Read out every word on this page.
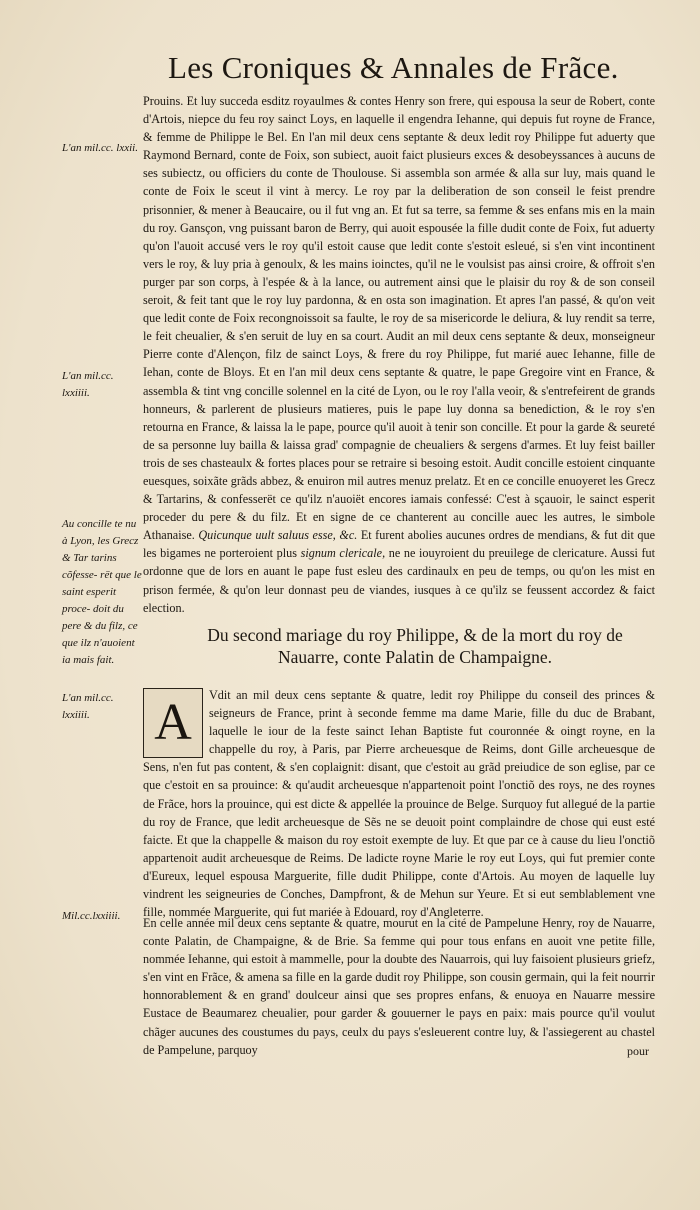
Les Croniques & Annales de Frãce.
L'an mil.cc. lxxii.
L'an mil.cc. lxxiiii.
Au concille te nu à Lyon, les Grecz & Tar tarins cõfesse- rët que le saint esperit proce- doit du pere & du filz, ce que ilz n'auoient ia mais fait.
L'an mil.cc. lxxiiii.
Mil.cc.lxxiiii.

Prouins. Et luy succeda esditz royaulmes & contes Henry son frere, qui espousa la seur de Robert, conte d'Artois, niepce du feu roy sainct Loys, en laquelle il engendra Iehanne, qui depuis fut royne de France, & femme de Philippe le Bel. En l'an mil deux cens septante & deux ledit roy Philippe fut aduerty que Raymond Bernard, conte de Foix, son subiect, auoit faict plusieurs exces & desobeyssances à aucuns de ses subiectz, ou officiers du conte de Thoulouse. Si assembla son armée & alla sur luy, mais quand le conte de Foix le sceut il vint à mercy. Le roy par la deliberation de son conseil le feist prendre prisonnier, & mener à Beaucaire, ou il fut vng an. Et fut sa terre, sa femme & ses enfans mis en la main du roy. Gansçon, vng puissant baron de Berry, qui auoit espousée la fille dudit conte de Foix, fut aduerty qu'on l'auoit accusé vers le roy qu'il estoit cause que ledit conte s'estoit esleué, si s'en vint incontinent vers le roy, & luy pria à genoulx, & les mains ioinctes, qu'il ne le voulsist pas ainsi croire, & offroit s'en purger par son corps, à l'espée & à la lance, ou autrement ainsi que le plaisir du roy & de son conseil seroit, & feit tant que le roy luy pardonna, & en osta son imagination. Et apres l'an passé, & qu'on veit que ledit conte de Foix recongnoissoit sa faulte, le roy de sa misericorde le deliura, & luy rendit sa terre, le feit cheualier, & s'en seruit de luy en sa court. Audit an mil deux cens septante & deux, monseigneur Pierre conte d'Alençon, filz de sainct Loys, & frere du roy Philippe, fut marié auec Iehanne, fille de Iehan, conte de Bloys. Et en l'an mil deux cens septante & quatre, le pape Gregoire vint en France, & assembla & tint vng concille solennel en la cité de Lyon, ou le roy l'alla veoir, & s'entrefeirent de grands honneurs, & parlerent de plusieurs matieres, puis le pape luy donna sa benediction, & le roy s'en retourna en France, & laissa la le pape, pource qu'il auoit à tenir son concille. Et pour la garde & seureté de sa personne luy bailla & laissa grad' compagnie de cheualiers & sergens d'armes. Et luy feist bailler trois de ses chasteaulx & fortes places pour se retraire si besoing estoit. Audit concille estoient cinquante euesques, soixãte grãds abbez, & enuiron mil autres menuz prelatz. Et en ce concille enuoyeret les Grecz & Tartarins, & confesserët ce qu'ilz n'auoiët encores iamais confessé: C'est à sçauoir, le sainct esperit proceder du pere & du filz. Et en signe de ce chanterent au concille auec les autres, le simbole Athanaise. Quicunque uult saluus esse, &c. Et furent abolies aucunes ordres de mendians, & fut dit que les bigames ne porteroient plus signum clericale, ne ne iouyroient du preuilege de clericature. Aussi fut ordonne que de lors en auant le pape fust esleu des cardinaulx en peu de temps, ou qu'on les mist en prison fermée, & qu'on leur donnast peu de viandes, iusques à ce qu'ilz se feussent accordez & faict election.

Du second mariage du roy Philippe, & de la mort du roy de Nauarre, conte Palatin de Champaigne.
A	Vdit an mil deux cens septante & quatre, ledit roy Philippe du conseil des princes & seigneurs de France, print à seconde femme ma dame Marie, fille du duc de Brabant, laquelle le iour de la feste sainct Iehan Baptiste fut couronnée & oingt royne, en la chappelle du roy, à Paris, par Pierre archeuesque de Reims, dont Gille archeuesque de Sens, n'en fut pas content, & s'en coplaignit: disant, que c'estoit au grãd preiudice de son eglise, par ce que c'estoit en sa prouince: & qu'audit archeuesque n'appartenoit point l'onctiõ des roys, ne des roynes de Frãce, hors la prouince, qui est dicte & appellée la prouince de Belge. Surquoy fut allegué de la partie du roy de France, que ledit archeuesque de Sẽs ne se deuoit point complaindre de chose qui eust esté faicte. Et que la chappelle & maison du roy estoit exempte de luy. Et que par ce à cause du lieu l'onctiõ appartenoit audit archeuesque de Reims. De ladicte royne Marie le roy eut Loys, qui fut premier conte d'Eureux, lequel espousa Marguerite, fille dudit Philippe, conte d'Artois. Au moyen de laquelle luy vindrent les seigneuries de Conches, Dampfront, & de Mehun sur Yeure. Et si eut semblablement vne fille, nommée Marguerite, qui fut mariée à Edouard, roy d'Angleterre.

En celle année mil deux cens septante & quatre, mourut en la cité de Pampelune Henry, roy de Nauarre, conte Palatin, de Champaigne, & de Brie. Sa femme qui pour tous enfans en auoit vne petite fille, nommée Iehanne, qui estoit à mammelle, pour la doubte des Nauarrois, qui luy faisoient plusieurs griefz, s'en vint en Frãce, & amena sa fille en la garde dudit roy Philippe, son cousin germain, qui la feit nourrir honnorablement & en grand' doulceur ainsi que ses propres enfans, & enuoya en Nauarre messire Eustace de Beaumarez cheualier, pour garder & gouuerner le pays en paix: mais pource qu'il voulut chãger aucunes des coustumes du pays, ceulx du pays s'esleuerent contre luy, & l'assiegerent au chastel de Pampelune, parquoy	pour
